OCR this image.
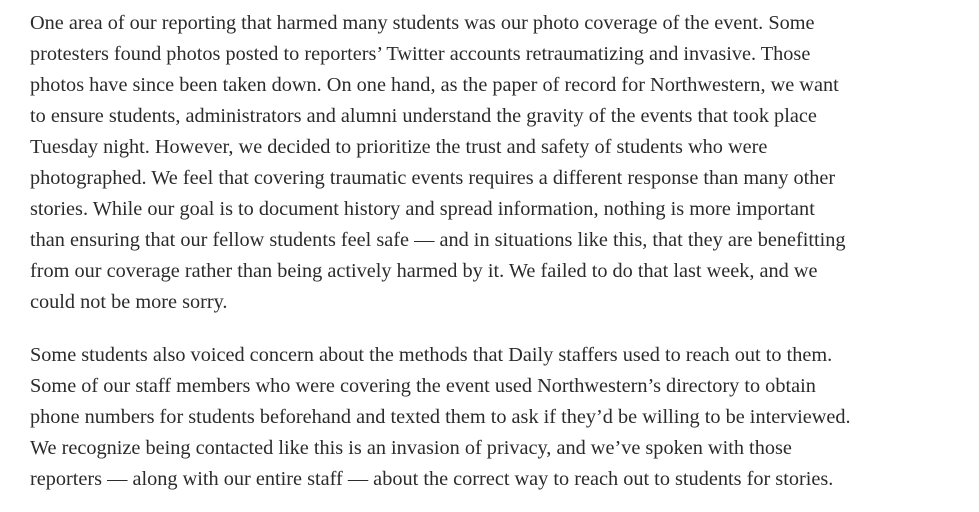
One area of our reporting that harmed many students was our photo coverage of the event. Some
protesters found photos posted to reporters’ Twitter accounts retraumatizing and invasive. Those
photos have since been taken down. On one hand, as the paper of record for Northwestern, we want
to ensure students, administrators and alumni understand the gravity of the events that took place
Tuesday night. However, we decided to prioritize the trust and safety of students who were
photographed. We feel that covering traumatic events requires a different response than many other
stories. While our goal is to document history and spread information, nothing is more important
than ensuring that our fellow students feel safe — and in situations like this, that they are benefitting
from our coverage rather than being actively harmed by it. We failed to do that last week, and we
could not be more sorry.

Some students also voiced concern about the methods that Daily staffers used to reach out to them.
Some of our staff members who were covering the event used Northwestern’s directory to obtain
phone numbers for students beforehand and texted them to ask if they’d be willing to be interviewed.
We recognize being contacted like this is an invasion of privacy, and we’ve spoken with those
reporters — along with our entire staff — about the correct way to reach out to students for stories.
